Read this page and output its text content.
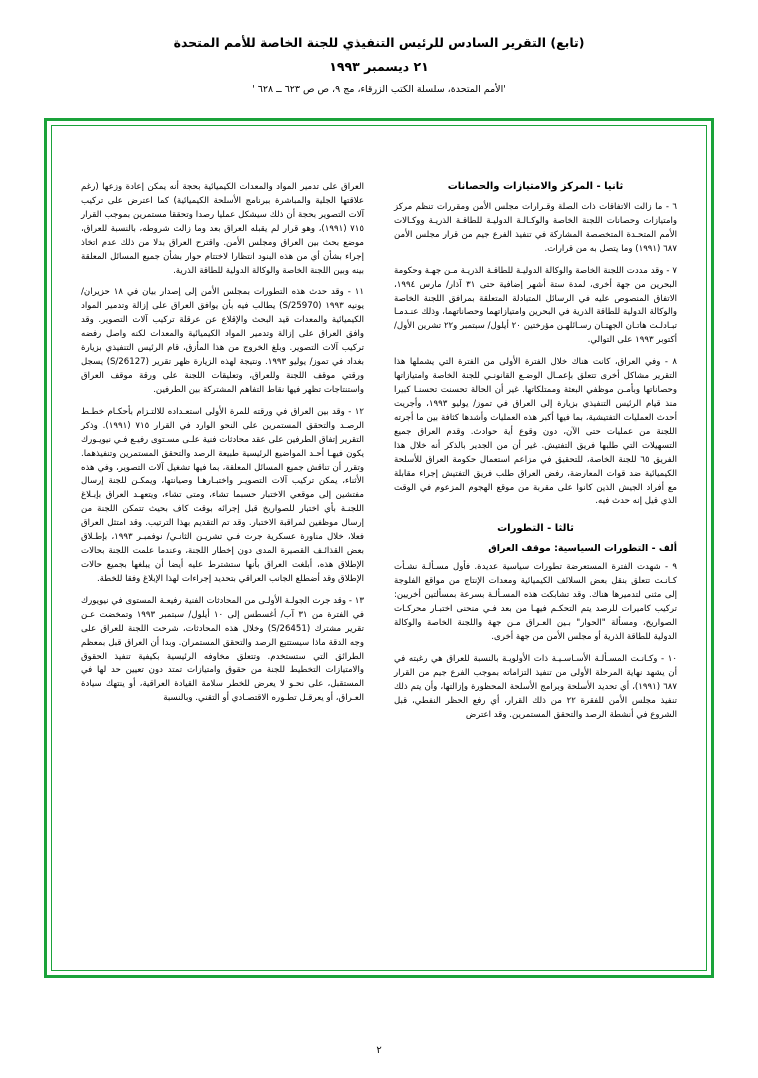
(تابع) التقرير السادس للرئيس التنفيذي للجنة الخاصة للأمم المتحدة
٢١ ديسمبر ١٩٩٣
'الأمم المتحدة، سلسلة الكتب الزرقاء، مج ٩، ص ص ٦٢٣ ــ ٦٢٨ '
ثانيا - المركز والامتيازات والحصانات

٦ - ما زالت الاتفاقات ذات الصلة وقـرارات مجلس الأمن ومقررات تنظم مركز وامتيازات وحصانات اللجنة الخاصة والوكـالـة الدوليـة للطاقـة الذريـة ووكـالات الأمم المتحـدة المتخصصة المشاركة في تنفيذ الفرع جيم من قرار مجلس الأمن ٦٨٧ (١٩٩١) وما يتصل به من قرارات.

٧ - وقد مددت اللجنة الخاصة والوكالة الدوليـة للطاقـة الذريـة مـن جهـة وحكومة البحرين من جهة أخرى، لمدة ستة أشهر إضافية حتى ٣١ آذار/ مارس ١٩٩٤، الاتفاق المنصوص عليه في الرسائل المتبادلة المتعلقة بمرافق اللجنة الخاصة والوكالة الدولية للطاقة الذرية في البحرين وامتيازاتهما وحصاناتهما، وذلك عنـدمـا تبـادلـت هاتـان الجهتـان رسـائلهـن مؤرختين ٢٠ أيلول/ سبتمبر و٢٢ تشرين الأول/ أكتوبر ١٩٩٣ على التوالي.

٨ - وفي العراق، كانت هناك خلال الفترة الأولى من الفترة التي يشملها هذا التقرير مشاكل أخرى تتعلق بإعمـال الوضـع القانونـي للجنة الخاصة وامتيازاتها وحصاناتها وبأمـن موظفي البعثة وممتلكاتها. غير أن الحالة تحسنت تحسنـا كبيرا منذ قيام الرئيس التنفيذي بزيارة إلى العراق في تموز/ يوليو ١٩٩٣، وأجريت أحدث العمليات التفتيشية، بما فيها أكبر هذه العمليات وأشدها كثافة بين ما أجرته اللجنة من عمليات حتى الآن، دون وقوع أية حوادث. وقدم العراق جميع التسهيلات التي طلبها فريق التفتيش. غير أن من الجدير بالذكر أنه خلال هذا الفريق ٦٥ للجنة الخاصة، للتحقيق في مزاعم استعمال حكومة العراق للأسلحة الكيميائية ضد قوات المعارضة، رفض العراق طلب فريق التفتيش إجراء مقابلة مع أفراد الجيش الذين كانوا على مقربة من موقع الهجوم المزعوم في الوقت الذي قيل إنه حدث فيه.

ثالثا - التطورات
ألف - التطورات السياسية: موقف العراق

٩ - شهدت الفترة المستعرضة تطورات سياسية عديدة. فأول مسـألـة نشـأت كـانـت تتعلق بنقل بعض السلائف الكيميائية ومعدات الإنتاج من مواقع الفلوجة إلى مثنى لتدميرها هناك. وقد تشابكت هذه المسـألـة بسرعة بمسألتين أخريين: تركيب كاميرات للرصد يتم التحكـم فيهـا من بعد فـي منحنى اختبـار محركـات الصواريخ، ومسألة "الحوار" بـين العـراق مـن جهة واللجنة الخاصة والوكالة الدولية للطاقة الذرية أو مجلس الأمن من جهة أخرى.

١٠ - وكـانـت المسـألـة الأسـاسـيـة ذات الأولويـة بالنسبة للعراق هي رغبته في أن يشهد نهاية المرحلة الأولى من تنفيذ التزاماته بموجب الفرع جيم من القرار ٦٨٧ (١٩٩١)، أي تحديد الأسلحة وبرامج الأسلحة المحظورة وإزالتها، وأن يتم ذلك تنفيذ مجلس الأمن للفقرة ٢٢ من ذلك القرار، أي رفع الحظر النفطي، قبل الشروع في أنشطة الرصد والتحقق المستمرين. وقد اعترض

العراق على تدمير المواد والمعدات الكيميائية بحجة أنه يمكن إعادة وزعها (رغم علاقتها الجلية والمباشرة ببرنامج الأسلحة الكيميائية) كما اعترض على تركيب آلات التصوير بحجة أن ذلك سيشكل عمليا رصدا وتحققا مستمرين بموجب القرار ٧١٥ (١٩٩١)، وهو قرار لم يقبله العراق بعد وما زالت شروطه، بالنسبة للعراق، موضع بحث بين العراق ومجلس الأمن. واقترح العراق بدلا من ذلك عدم اتخاذ إجراء بشأن أي من هذه البنود انتظارا لاختتام حوار بشأن جميع المسائل المعلقة بينه وبين اللجنة الخاصة والوكالة الدولية للطاقة الذرية.

١١ - وقد حدث هذه التطورات بمجلس الأمن إلى إصدار بيان في ١٨ حزيران/ يونيه ١٩٩٣ (S/25970) يطالب فيه بأن يوافق العراق على إزالة وتدمير المواد الكيميائية والمعدات قيد البحث والإقلاع عن عرقلة تركيب آلات التصوير. وقد وافق العراق على إزالة وتدمير المواد الكيميائية والمعدات لكنه واصل رفضه تركيب آلات التصوير. وبلغ الخروج من هذا المأزق، قام الرئيس التنفيذي بزيارة بغداد في تموز/ يوليو ١٩٩٣. ونتيجة لهذه الزيارة ظهر تقرير (S/26127) يسجل ورقتي موقف اللجنة وللعراق، وتعليقات اللجنة على ورقة موقف العراق واستنتاجات تظهر فيها نقاط التفاهم المشتركة بين الطرفين.

١٢ - وقد بين العراق في ورقته للمرة الأولى استعـداده للالتـزام بأحكـام خطـط الرصـد والتحقق المستمرين على النحو الوارد في القرار ٧١٥ (١٩٩١). وذكر التقرير إتفاق الطرفين على عقد محادثات فنية علـى مسـتوى رفيـع فـي نيويـورك يكون فيهـا أحـد المواضيع الرئيسية طبيعة الرصد والتحقق المستمرين وتنفيذهما. وتقرر أن تناقش جميع المسائل المعلقة، بما فيها تشغيل آلات التصوير، وفي هذه الأثناء، يمكن تركيب آلات التصويـر واختبـارهـا وصيانتها، ويمكـن للجنة إرسال مفتشين إلى موقعي الاختبار حسبما تشاء، ومتى تشاء، ويتعهـد العراق بإبـلاغ اللجنـة بأي اختبار للصواريخ قبل إجرائه بوقت كاف بحيث تتمكن اللجنة من إرسال موظفين لمراقبة الاختبار. وقد تم التقديم بهذا الترتيب. وقد امتثل العراق فعلا، خلال مناورة عسكرية جرت فـي تشريـن الثانـي/ نوفمبـر ١٩٩٣، بإطـلاق بعض القذائـف القصيرة المدى دون إخطار اللجنة، وعندما علمت اللجنة بحالات الإطلاق هذه، أبلغت العراق بأنها ستشترط عليه أيضا أن يبلغها بجميع حالات الإطلاق وقد أضطلع الجانب العراقي بتحديد إجراءات لهذا الإبلاغ وفقا للخطة.

١٣ - وقد جرت الجولـة الأولـى من المحادثات الفنية رفيعـة المستوى في نيويورك في الفترة من ٣١ آب/ أغسطس إلى ١٠ أيلول/ سبتمبر ١٩٩٣ وتمخضت عـن تقرير مشترك (S/26451) وخلال هذه المحادثات، شرحت اللجنة للعراق على وجه الدقة ماذا سيستتبع الرصد والتحقق المستمران. وبدا أن العراق قبل بمعظم الطرائق التي ستستخدم. وتتعلق مخاوفه الرئيسية بكيفية تنفيذ الحقوق والامتيازات التخطيط للجنة من حقوق وامتيازات تمتد دون تعيين حد لها في المستقبل، على نحـو لا يعرض للخطر سلامة القيادة العراقية، أو ينتهك سيادة العـراق، أو يعرقـل تطـوره الاقتصـادي أو التقني. وبالنسبة

٢
